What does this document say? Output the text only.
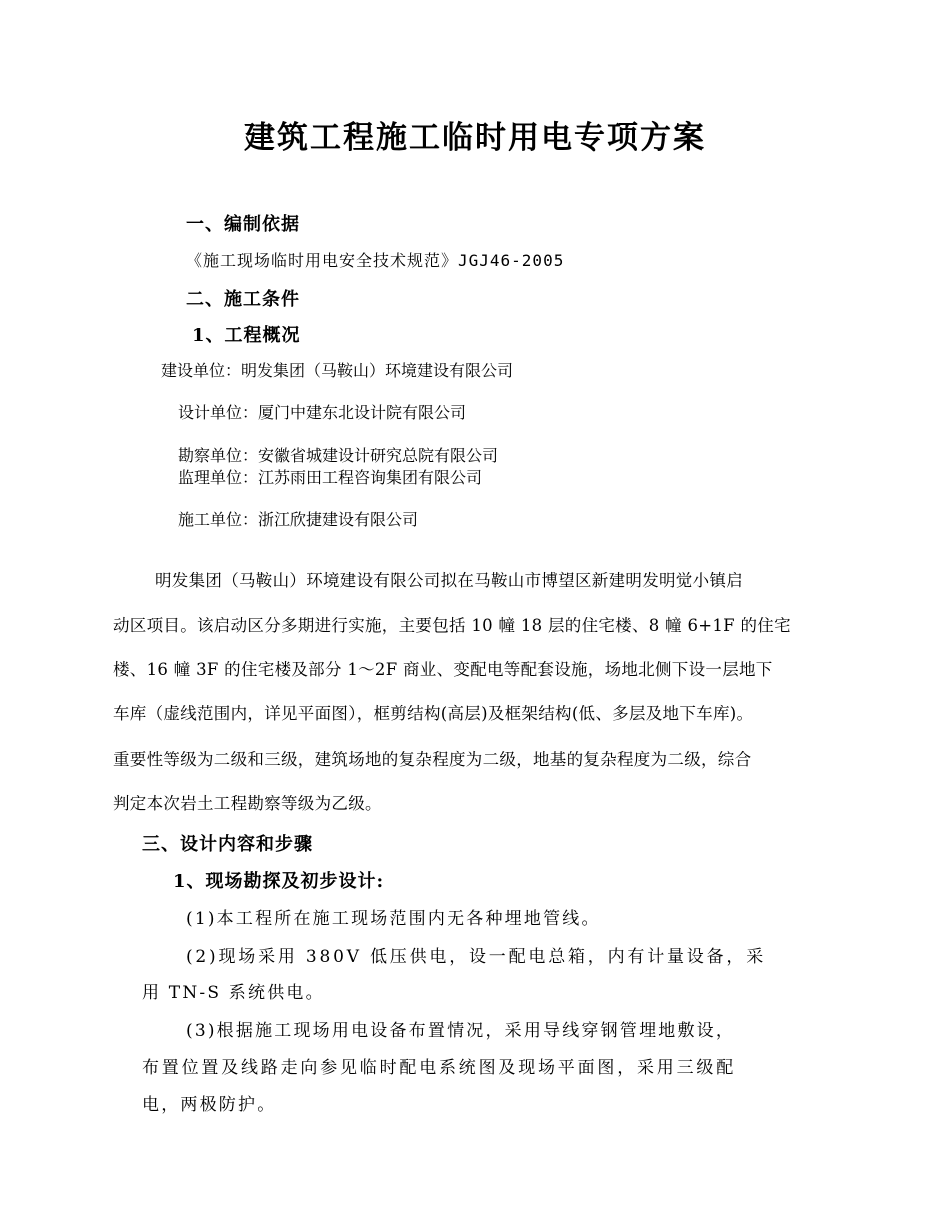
建筑工程施工临时用电专项方案
一、编制依据
《施工现场临时用电安全技术规范》JGJ46-2005
二、施工条件
1、工程概况
建设单位：明发集团（马鞍山）环境建设有限公司
设计单位：厦门中建东北设计院有限公司
勘察单位：安徽省城建设计研究总院有限公司
监理单位：江苏雨田工程咨询集团有限公司
施工单位：浙江欣捷建设有限公司
明发集团（马鞍山）环境建设有限公司拟在马鞍山市博望区新建明发明觉小镇启
动区项目。该启动区分多期进行实施，主要包括 10 幢 18 层的住宅楼、8 幢 6+1F 的住宅
楼、16 幢 3F 的住宅楼及部分 1～2F 商业、变配电等配套设施，场地北侧下设一层地下
车库（虚线范围内，详见平面图），框剪结构(高层)及框架结构(低、多层及地下车库)。
重要性等级为二级和三级，建筑场地的复杂程度为二级，地基的复杂程度为二级，综合
判定本次岩土工程勘察等级为乙级。
三、设计内容和步骤
1、现场勘探及初步设计:
(1)本工程所在施工现场范围内无各种埋地管线。
(2)现场采用 380V 低压供电，设一配电总箱，内有计量设备，采
用 TN-S 系统供电。
(3)根据施工现场用电设备布置情况，采用导线穿钢管埋地敷设，
布置位置及线路走向参见临时配电系统图及现场平面图，采用三级配
电，两极防护。
